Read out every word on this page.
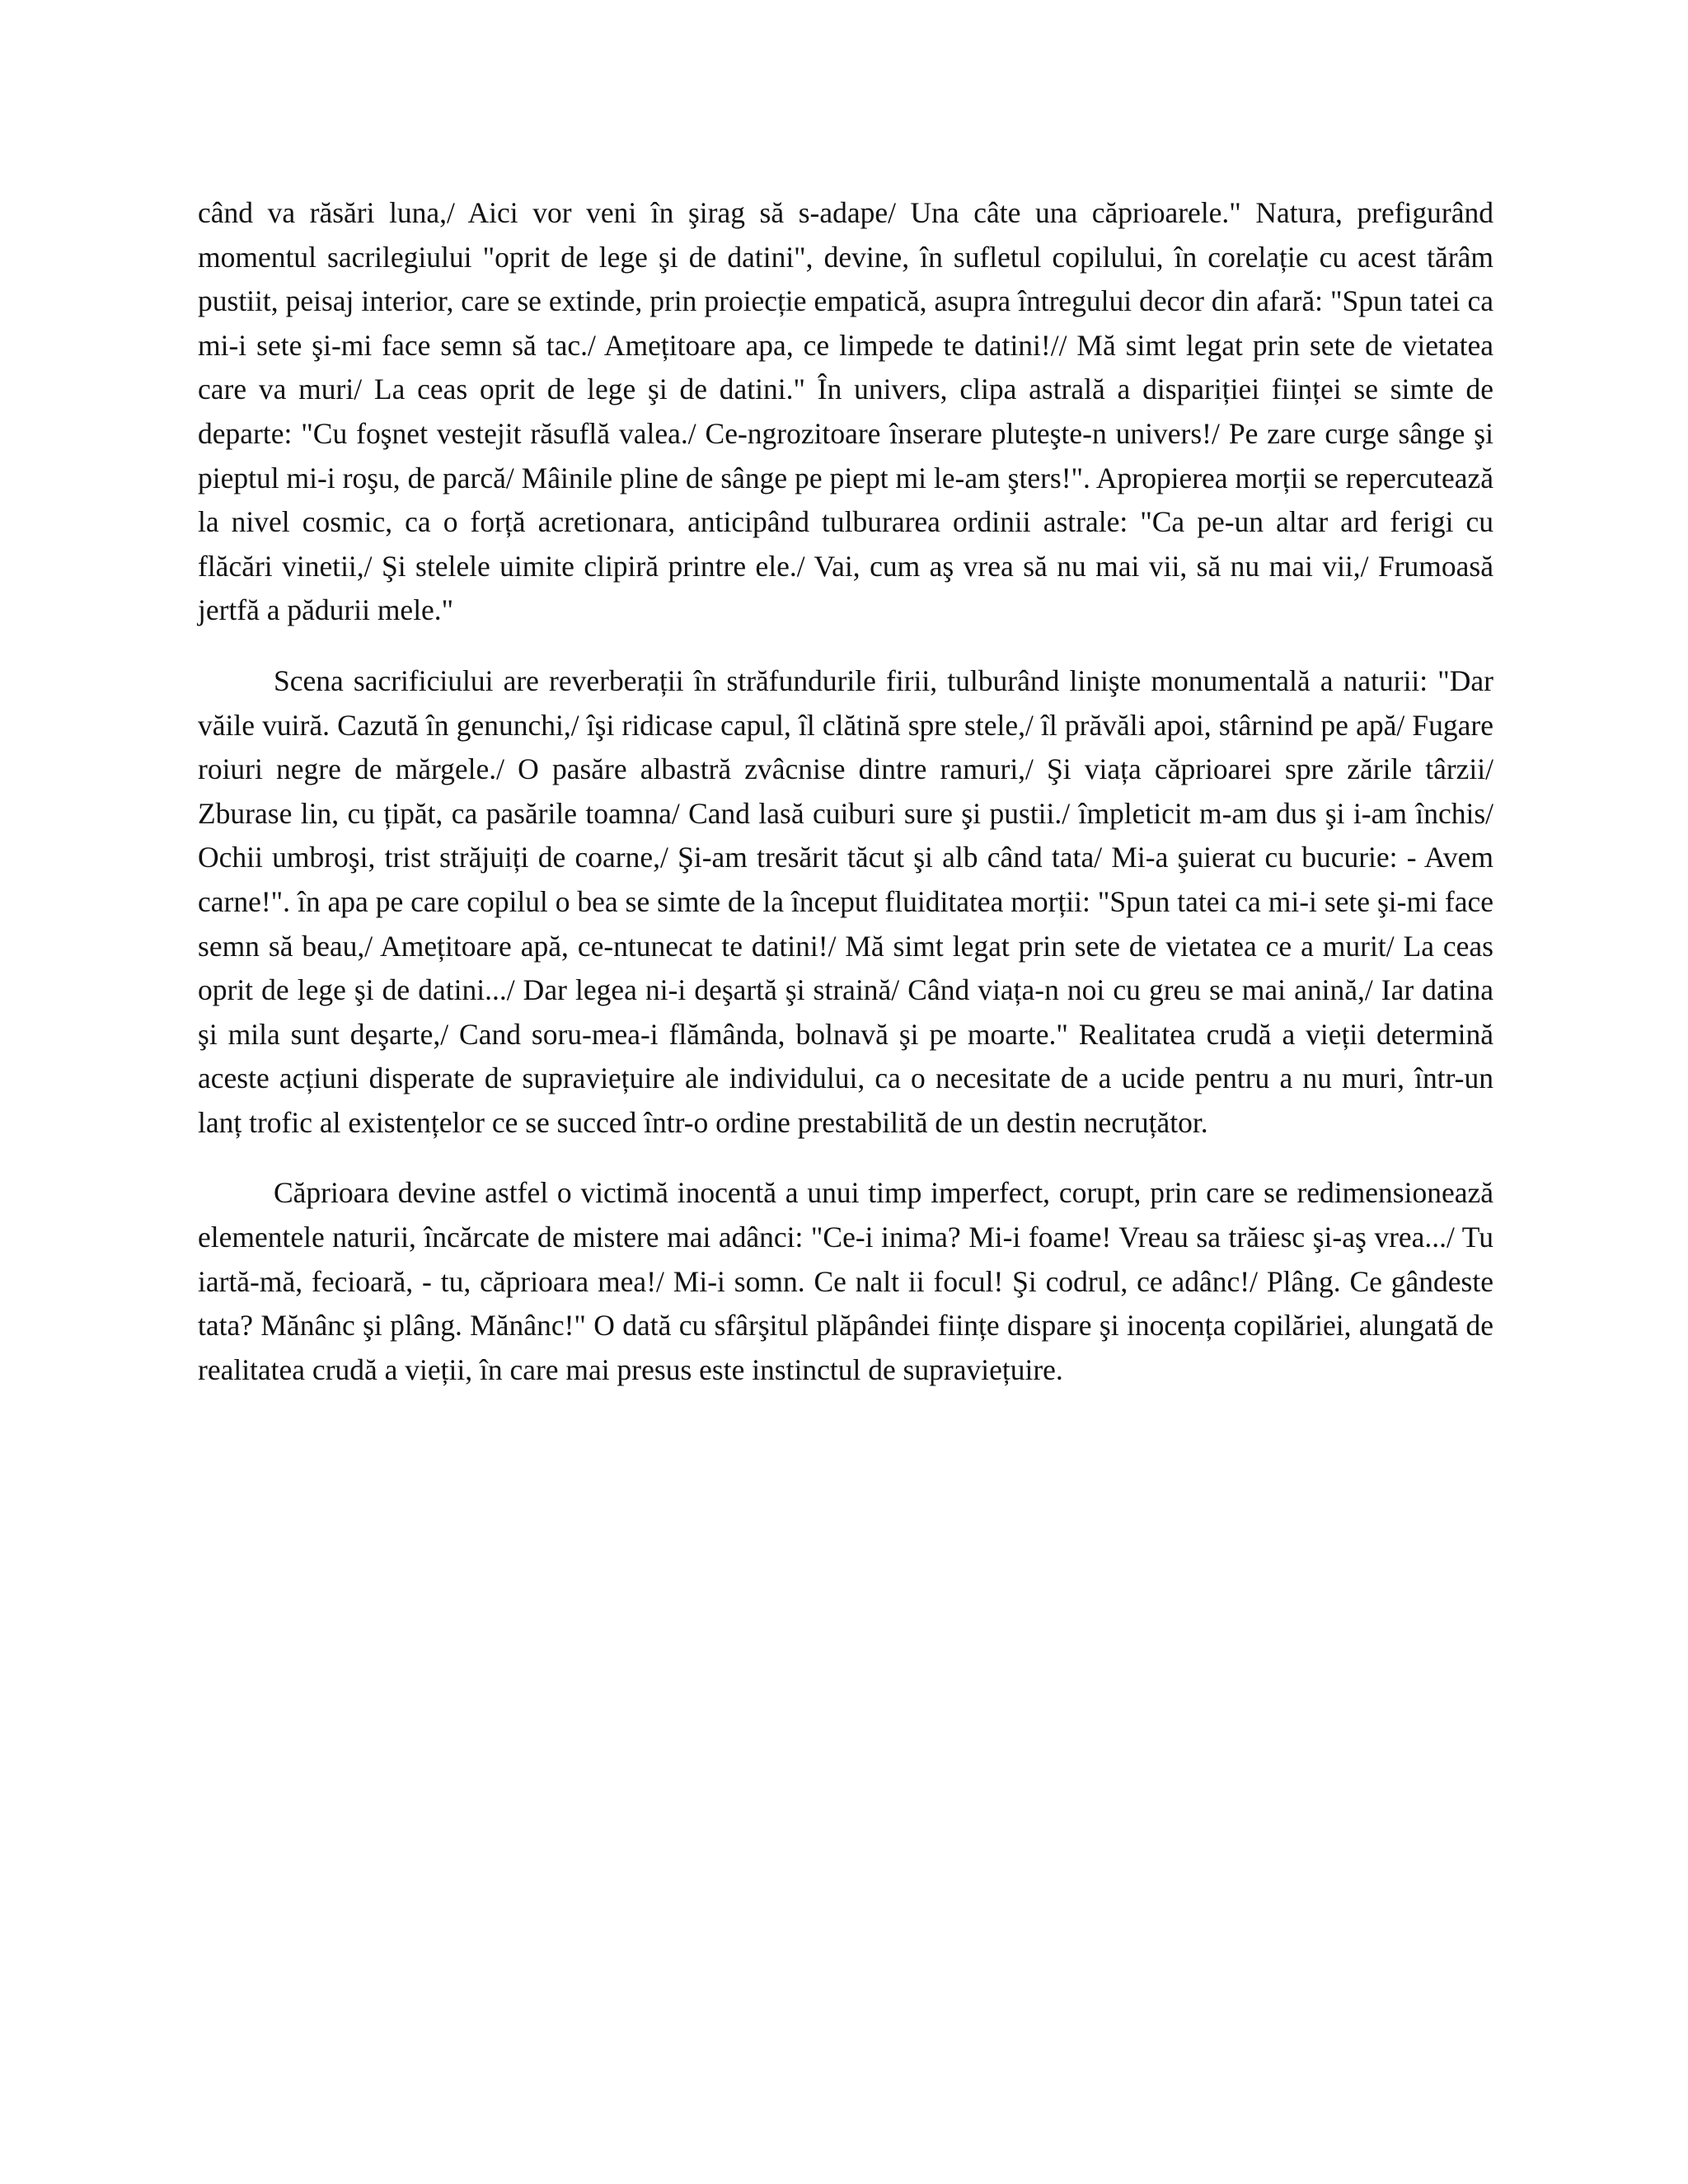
când va răsări luna,/ Aici vor veni în şirag să s-adape/ Una câte una căprioarele." Natura, prefigurând momentul sacrilegiului "oprit de lege şi de datini", devine, în sufletul copilului, în corelație cu acest tărâm pustiit, peisaj interior, care se extinde, prin proiecție empatică, asupra întregului decor din afară: "Spun tatei ca mi-i sete şi-mi face semn să tac./ Amețitoare apa, ce limpede te datini!// Mă simt legat prin sete de vietatea care va muri/ La ceas oprit de lege şi de datini." În univers, clipa astrală a dispariției ființei se simte de departe: "Cu foşnet vestejit răsuflă valea./ Ce-ngrozitoare înserare pluteşte-n univers!/ Pe zare curge sânge şi pieptul mi-i roşu, de parcă/ Mâinile pline de sânge pe piept mi le-am şters!". Apropierea morții se repercutează la nivel cosmic, ca o forță acretionara, anticipând tulburarea ordinii astrale: "Ca pe-un altar ard ferigi cu flăcări vinetii,/ Şi stelele uimite clipiră printre ele./ Vai, cum aş vrea să nu mai vii, să nu mai vii,/ Frumoasă jertfă a pădurii mele."

Scena sacrificiului are reverberații în străfundurile firii, tulburând linişte monumentală a naturii: "Dar văile vuiră. Cazută în genunchi,/ îşi ridicase capul, îl clătină spre stele,/ îl prăvăli apoi, stârnind pe apă/ Fugare roiuri negre de mărgele./ O pasăre albastră zvâcnise dintre ramuri,/ Şi viața căprioarei spre zările târzii/ Zburase lin, cu țipăt, ca pasările toamna/ Cand lasă cuiburi sure şi pustii./ împleticit m-am dus şi i-am închis/ Ochii umbroşi, trist străjuiți de coarne,/ Şi-am tresărit tăcut şi alb când tata/ Mi-a şuierat cu bucurie: - Avem carne!". în apa pe care copilul o bea se simte de la început fluiditatea morții: "Spun tatei ca mi-i sete şi-mi face semn să beau,/ Amețitoare apă, ce-ntunecat te datini!/ Mă simt legat prin sete de vietatea ce a murit/ La ceas oprit de lege şi de datini.../ Dar legea ni-i deşartă şi straină/ Când viața-n noi cu greu se mai anină,/ Iar datina şi mila sunt deşarte,/ Cand soru-mea-i flămânda, bolnavă şi pe moarte." Realitatea crudă a vieții determină aceste acțiuni disperate de supraviețuire ale individului, ca o necesitate de a ucide pentru a nu muri, într-un lanț trofic al existențelor ce se succed într-o ordine prestabilită de un destin necruțător.

Căprioara devine astfel o victimă inocentă a unui timp imperfect, corupt, prin care se redimensionează elementele naturii, încărcate de mistere mai adânci: "Ce-i inima? Mi-i foame! Vreau sa trăiesc şi-aş vrea.../ Tu iartă-mă, fecioară, - tu, căprioara mea!/ Mi-i somn. Ce nalt ii focul! Şi codrul, ce adânc!/ Plâng. Ce gândeste tata? Mănânc şi plâng. Mănânc!" O dată cu sfârşitul plăpândei ființe dispare şi inocența copilăriei, alungată de realitatea crudă a vieții, în care mai presus este instinctul de supraviețuire.
